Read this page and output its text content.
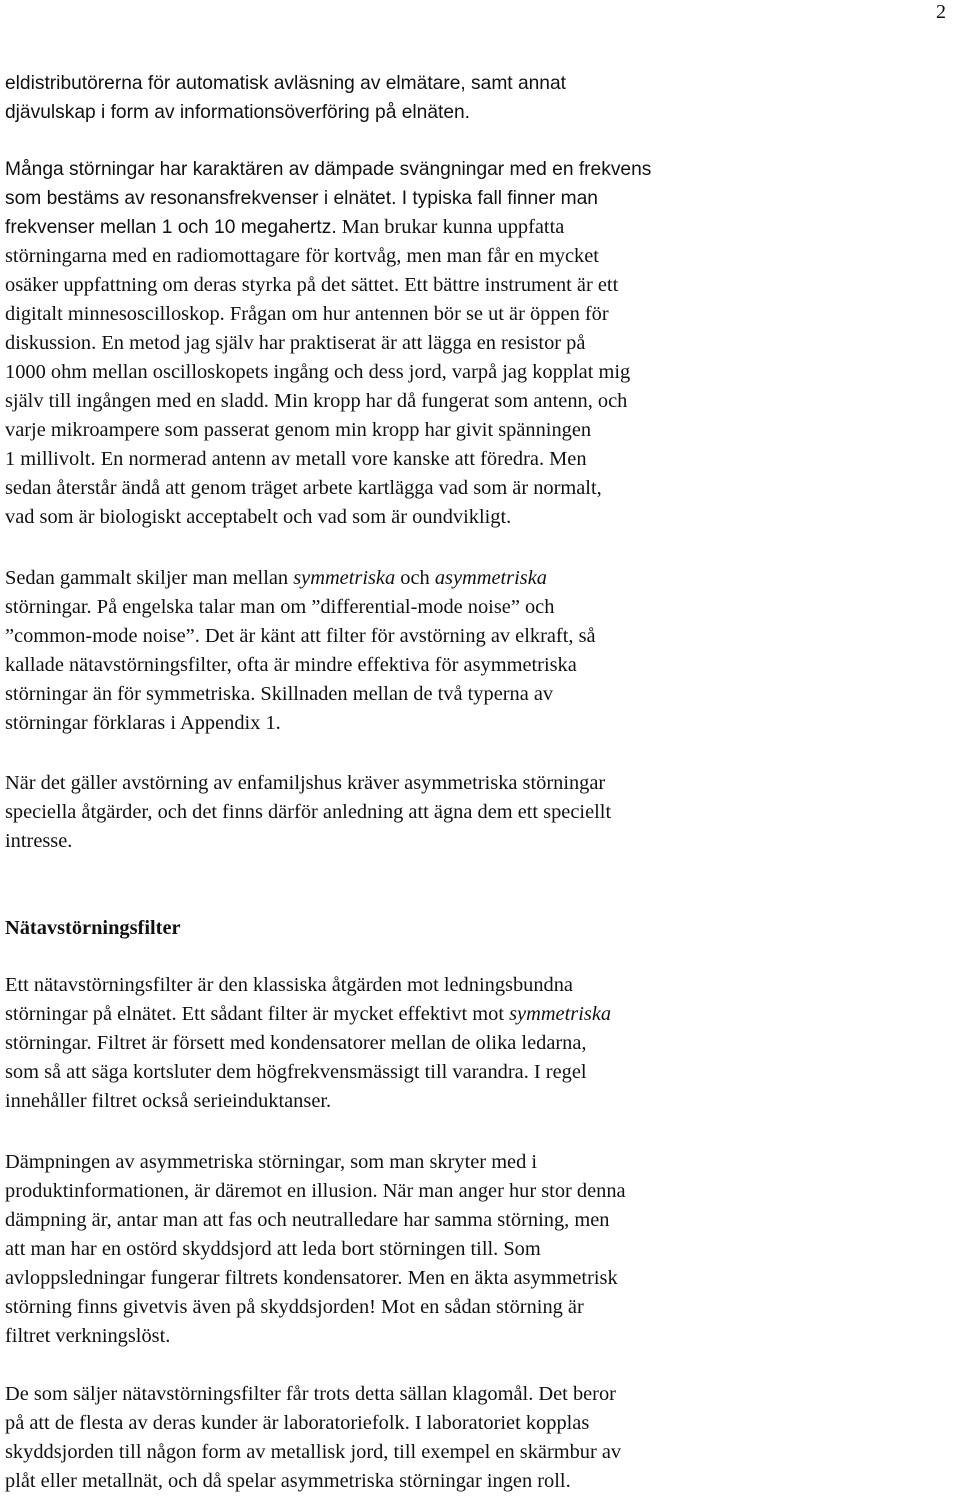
2
eldistributörerna för automatisk avläsning av elmätare, samt annat
djävulskap i form av informationsöverföring på elnäten.
Många störningar har karaktären av dämpade svängningar med en frekvens
som bestäms av resonansfrekvenser i elnätet. I typiska fall finner man
frekvenser mellan 1 och 10 megahertz. Man brukar kunna uppfatta
störningarna med en radiomottagare för kortvåg, men man får en mycket
osäker uppfattning om deras styrka på det sättet. Ett bättre instrument är ett
digitalt minnesoscilloskop. Frågan om hur antennen bör se ut är öppen för
diskussion. En metod jag själv har praktiserat är att lägga en resistor på
1000 ohm mellan oscilloskopets ingång och dess jord, varpå jag kopplat mig
själv till ingången med en sladd. Min kropp har då fungerat som antenn, och
varje mikroampere som passerat genom min kropp har givit spänningen
1 millivolt. En normerad antenn av metall vore kanske att föredra. Men
sedan återstår ändå att genom träget arbete kartlägga vad som är normalt,
vad som är biologiskt acceptabelt och vad som är oundvikligt.
Sedan gammalt skiljer man mellan symmetriska och asymmetriska
störningar. På engelska talar man om ”differential-mode noise” och
”common-mode noise”. Det är känt att filter för avstörning av elkraft, så
kallade nätavstörningsfilter, ofta är mindre effektiva för asymmetriska
störningar än för symmetriska. Skillnaden mellan de två typerna av
störningar förklaras i Appendix 1.
När det gäller avstörning av enfamiljshus kräver asymmetriska störningar
speciella åtgärder, och det finns därför anledning att ägna dem ett speciellt
intresse.
Nätavstörningsfilter
Ett nätavstörningsfilter är den klassiska åtgärden mot ledningsbundna
störningar på elnätet. Ett sådant filter är mycket effektivt mot symmetriska
störningar. Filtret är försett med kondensatorer mellan de olika ledarna,
som så att säga kortsluter dem högfrekvensmässigt till varandra. I regel
innehåller filtret också serieinduktanser.
Dämpningen av asymmetriska störningar, som man skryter med i
produktinformationen, är däremot en illusion. När man anger hur stor denna
dämpning är, antar man att fas och neutralledare har samma störning, men
att man har en ostörd skyddsjord att leda bort störningen till. Som
avloppsledningar fungerar filtrets kondensatorer. Men en äkta asymmetrisk
störning finns givetvis även på skyddsjorden! Mot en sådan störning är
filtret verkningslöst.
De som säljer nätavstörningsfilter får trots detta sällan klagomål. Det beror
på att de flesta av deras kunder är laboratoriefolk. I laboratoriet kopplas
skyddsjorden till någon form av metallisk jord, till exempel en skärmbur av
plåt eller metallnät, och då spelar asymmetriska störningar ingen roll.
